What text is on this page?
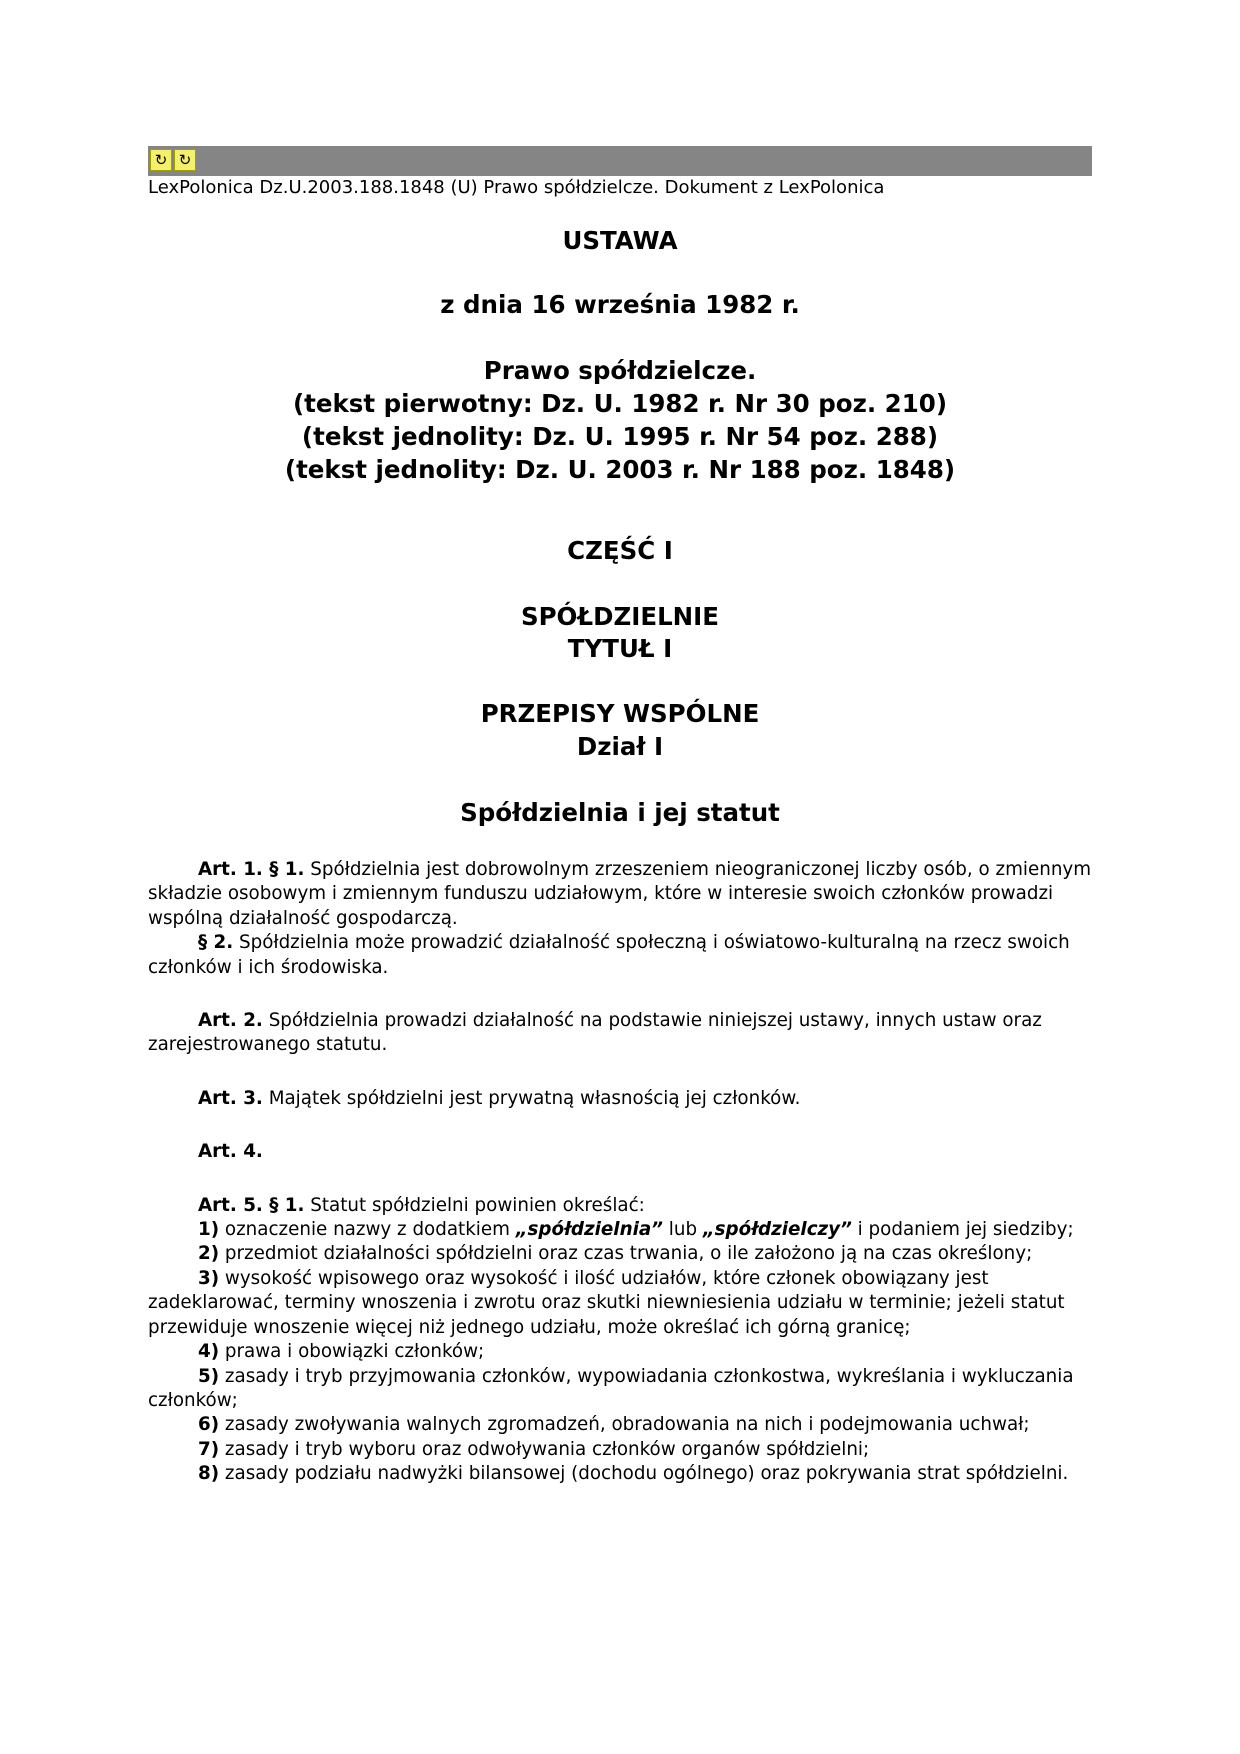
↻ ↻
LexPolonica Dz.U.2003.188.1848 (U) Prawo spółdzielcze. Dokument z LexPolonica
USTAWA
z dnia 16 września 1982 r.
Prawo spółdzielcze.
(tekst pierwotny: Dz. U. 1982 r. Nr 30 poz. 210)
(tekst jednolity: Dz. U. 1995 r. Nr 54 poz. 288)
(tekst jednolity: Dz. U. 2003 r. Nr 188 poz. 1848)
CZĘŚĆ I
SPÓŁDZIELNIE
TYTUŁ I
PRZEPISY WSPÓLNE
Dział I
Spółdzielnia i jej statut

Art. 1. § 1. Spółdzielnia jest dobrowolnym zrzeszeniem nieograniczonej liczby osób, o zmiennym składzie osobowym i zmiennym funduszu udziałowym, które w interesie swoich członków prowadzi wspólną działalność gospodarczą.

§ 2. Spółdzielnia może prowadzić działalność społeczną i oświatowo-kulturalną na rzecz swoich członków i ich środowiska.

Art. 2. Spółdzielnia prowadzi działalność na podstawie niniejszej ustawy, innych ustaw oraz zarejestrowanego statutu.

Art. 3. Majątek spółdzielni jest prywatną własnością jej członków.

Art. 4.

Art. 5. § 1. Statut spółdzielni powinien określać:

1) oznaczenie nazwy z dodatkiem „spółdzielnia” lub „spółdzielczy” i podaniem jej siedziby;

2) przedmiot działalności spółdzielni oraz czas trwania, o ile założono ją na czas określony;

3) wysokość wpisowego oraz wysokość i ilość udziałów, które członek obowiązany jest zadeklarować, terminy wnoszenia i zwrotu oraz skutki niewniesienia udziału w terminie; jeżeli statut przewiduje wnoszenie więcej niż jednego udziału, może określać ich górną granicę;

4) prawa i obowiązki członków;

5) zasady i tryb przyjmowania członków, wypowiadania członkostwa, wykreślania i wykluczania członków;

6) zasady zwoływania walnych zgromadzeń, obradowania na nich i podejmowania uchwał;

7) zasady i tryb wyboru oraz odwoływania członków organów spółdzielni;

8) zasady podziału nadwyżki bilansowej (dochodu ogólnego) oraz pokrywania strat spółdzielni.
